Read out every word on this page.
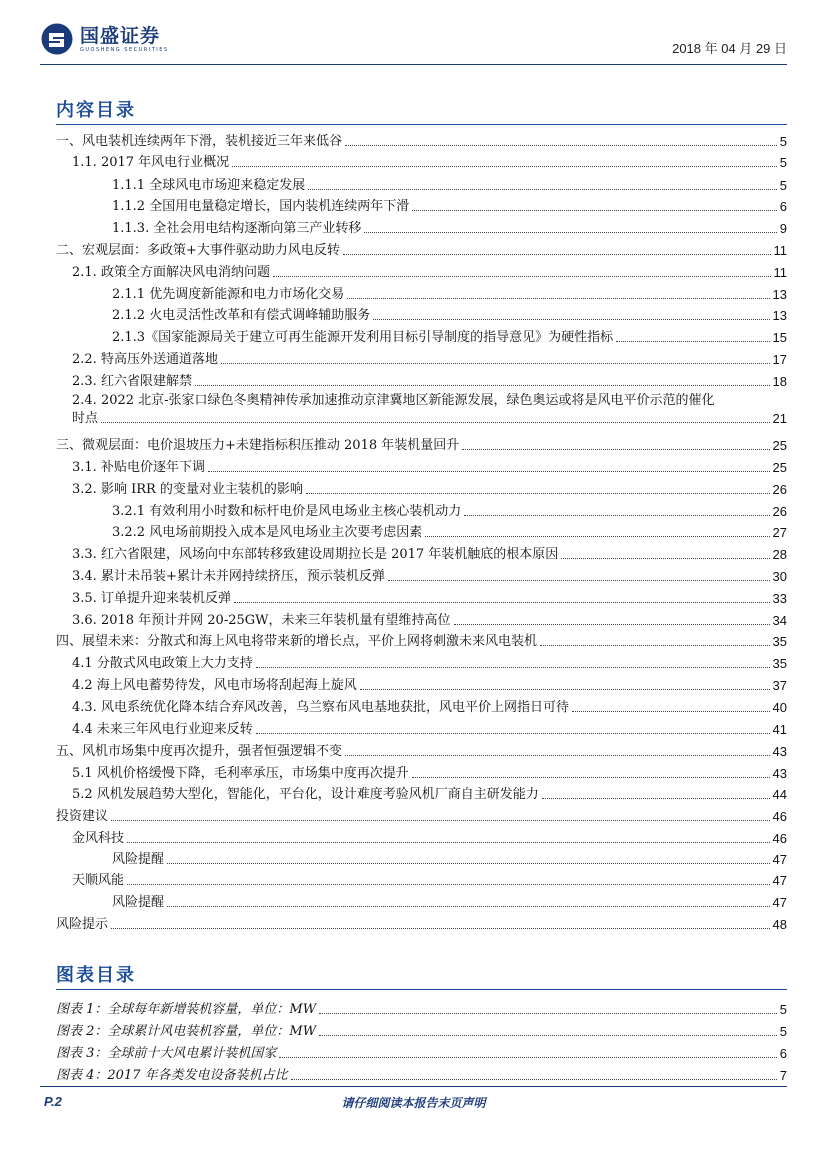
国盛证券
GUOSHENG SECURITIES	2018 年 04 月 29 日
内容目录
一、风电装机连续两年下滑，装机接近三年来低谷	5
1.1. 2017 年风电行业概况	5
1.1.1 全球风电市场迎来稳定发展	5
1.1.2 全国用电量稳定增长，国内装机连续两年下滑	6
1.1.3. 全社会用电结构逐渐向第三产业转移	9
二、宏观层面：多政策+大事件驱动助力风电反转	11
2.1. 政策全方面解决风电消纳问题	11
2.1.1 优先调度新能源和电力市场化交易	13
2.1.2 火电灵活性改革和有偿式调峰辅助服务	13
2.1.3《国家能源局关于建立可再生能源开发利用目标引导制度的指导意见》为硬性指标	15
2.2. 特高压外送通道落地	17
2.3. 红六省限建解禁	18
2.4. 2022 北京-张家口绿色冬奥精神传承加速推动京津冀地区新能源发展，绿色奥运或将是风电平价示范的催化
时点	21
三、微观层面：电价退坡压力+未建指标积压推动 2018 年装机量回升	25
3.1. 补贴电价逐年下调	25
3.2. 影响 IRR 的变量对业主装机的影响	26
3.2.1 有效利用小时数和标杆电价是风电场业主核心装机动力	26
3.2.2 风电场前期投入成本是风电场业主次要考虑因素	27
3.3. 红六省限建，风场向中东部转移致建设周期拉长是 2017 年装机触底的根本原因	28
3.4. 累计未吊装+累计未并网持续挤压，预示装机反弹	30
3.5. 订单提升迎来装机反弹	33
3.6. 2018 年预计并网 20-25GW，未来三年装机量有望维持高位	34
四、展望未来：分散式和海上风电将带来新的增长点，平价上网将刺激未来风电装机	35
4.1 分散式风电政策上大力支持	35
4.2 海上风电蓄势待发，风电市场将刮起海上旋风	37
4.3. 风电系统优化降本结合弃风改善，乌兰察布风电基地获批，风电平价上网指日可待	40
4.4 未来三年风电行业迎来反转	41
五、风机市场集中度再次提升，强者恒强逻辑不变	43
5.1 风机价格缓慢下降，毛利率承压，市场集中度再次提升	43
5.2 风机发展趋势大型化，智能化，平台化，设计难度考验风机厂商自主研发能力	44
投资建议	46
金风科技	46
风险提醒	47
天顺风能	47
风险提醒	47
风险提示	48
图表目录
图表 1：全球每年新增装机容量，单位：MW	5
图表 2：全球累计风电装机容量，单位：MW	5
图表 3：全球前十大风电累计装机国家	6
图表 4：2017 年各类发电设备装机占比	7
P.2	请仔细阅读本报告末页声明
